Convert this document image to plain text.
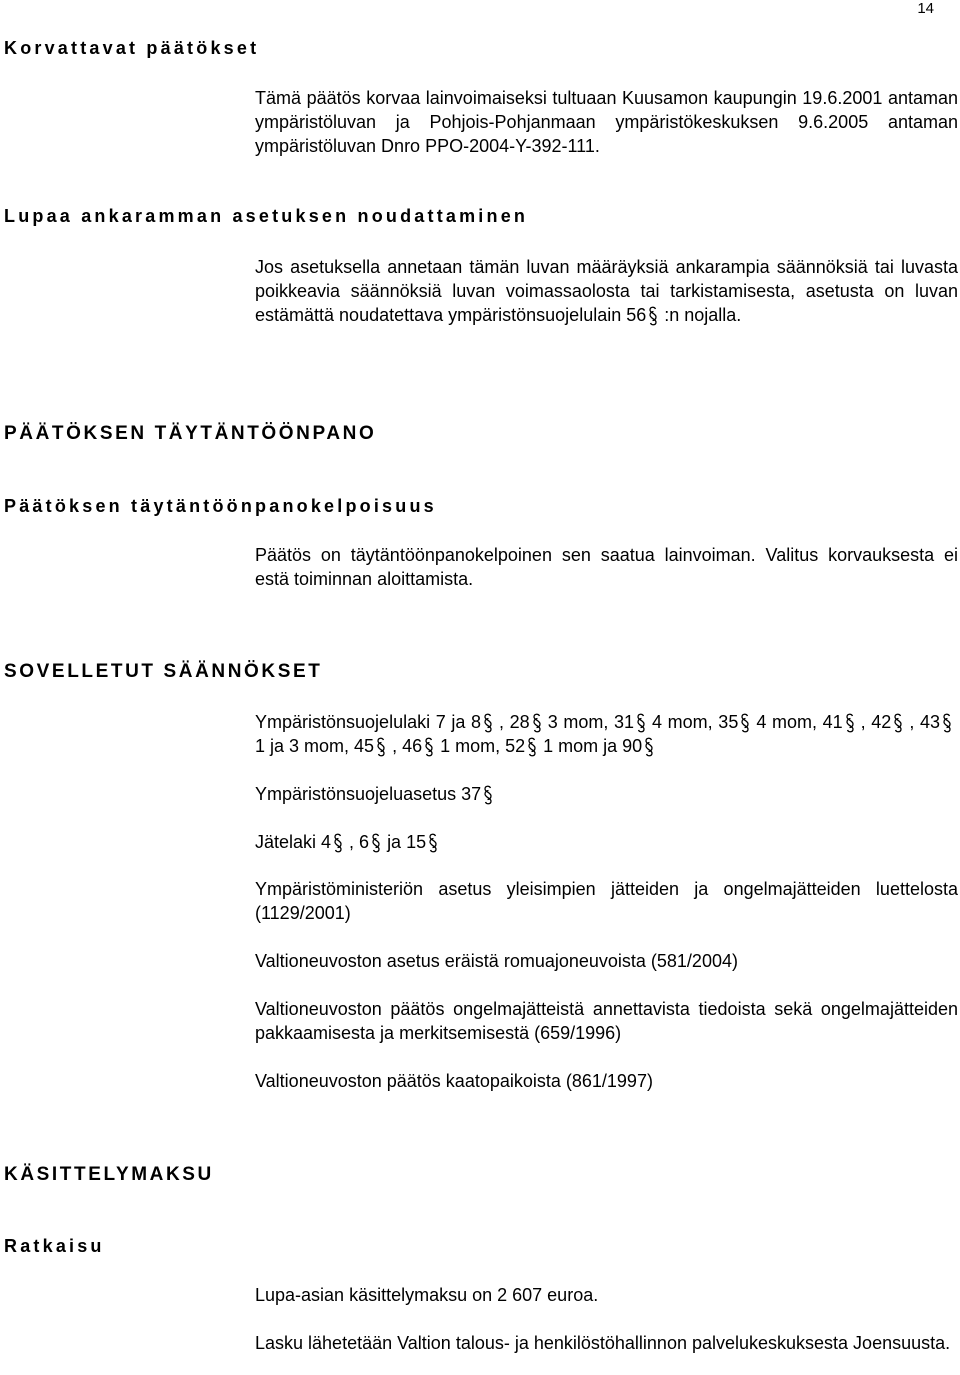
14
Korvattavat päätökset

Tämä päätös korvaa lainvoimaiseksi tultuaan Kuusamon kaupungin 19.6.2001 antaman ympäristöluvan ja Pohjois-Pohjanmaan ympäristökeskuksen 9.6.2005 antaman ympäristöluvan Dnro PPO-2004-Y-392-111.

Lupaa ankaramman asetuksen noudattaminen

Jos asetuksella annetaan tämän luvan määräyksiä ankarampia säännöksiä tai luvasta poikkeavia säännöksiä luvan voimassaolosta tai tarkistamisesta, asetusta on luvan estämättä noudatettava ympäristönsuojelulain 56 :n nojalla.

PÄÄTÖKSEN TÄYTÄNTÖÖNPANO
Päätöksen täytäntöönpanokelpoisuus

Päätös on täytäntöönpanokelpoinen sen saatua lainvoiman. Valitus korvauksesta ei estä toiminnan aloittamista.

SOVELLETUT SÄÄNNÖKSET

Ympäristönsuojelulaki 7 ja 8 , 28 3 mom, 31 4 mom, 35 4 mom, 41 , 42 , 43
1 ja 3 mom, 45 , 46 1 mom, 52 1 mom ja 90

Ympäristönsuojeluasetus 37

Jätelaki 4 , 6 ja 15

Ympäristöministeriön asetus yleisimpien jätteiden ja ongelmajätteiden luettelosta (1129/2001)

Valtioneuvoston asetus eräistä romuajoneuvoista (581/2004)

Valtioneuvoston päätös ongelmajätteistä annettavista tiedoista sekä ongelmajätteiden pakkaamisesta ja merkitsemisestä (659/1996)

Valtioneuvoston päätös kaatopaikoista (861/1997)

KÄSITTELYMAKSU
Ratkaisu

Lupa-asian käsittelymaksu on 2 607 euroa.

Lasku lähetetään Valtion talous- ja henkilöstöhallinnon palvelukeskuksesta Joensuusta.
